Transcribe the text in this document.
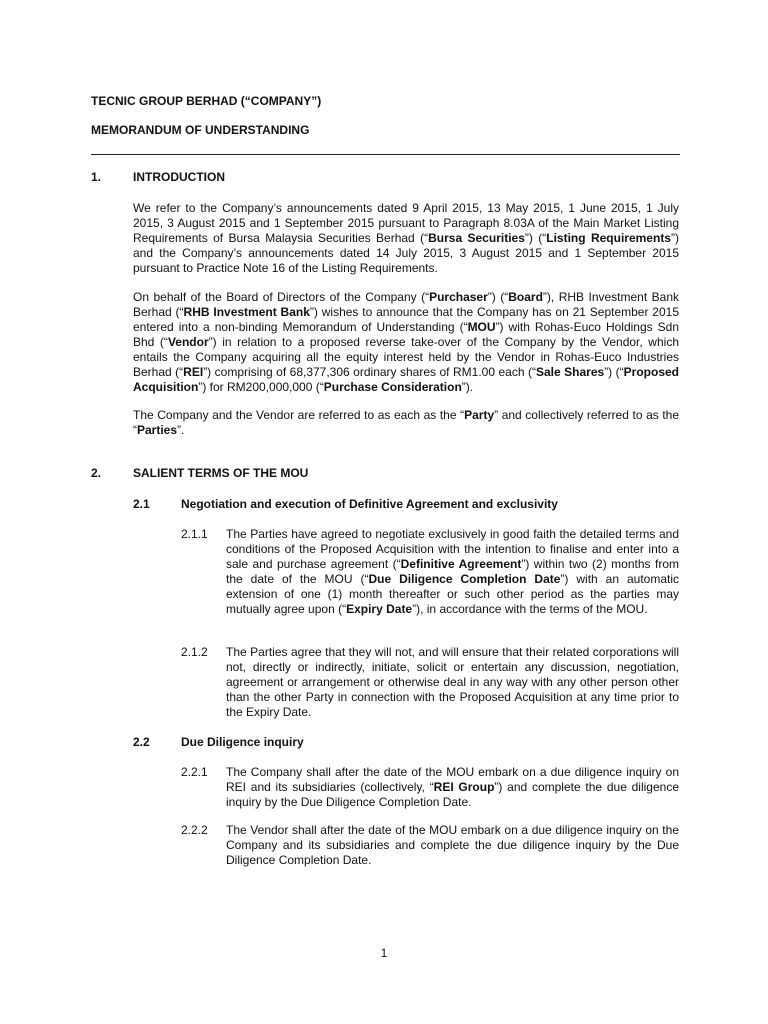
TECNIC GROUP BERHAD (“COMPANY”)
MEMORANDUM OF UNDERSTANDING
1.	INTRODUCTION
We refer to the Company’s announcements dated 9 April 2015, 13 May 2015, 1 June 2015, 1 July 2015, 3 August 2015 and 1 September 2015 pursuant to Paragraph 8.03A of the Main Market Listing Requirements of Bursa Malaysia Securities Berhad (“Bursa Securities”) (“Listing Requirements”) and the Company’s announcements dated 14 July 2015, 3 August 2015 and 1 September 2015 pursuant to Practice Note 16 of the Listing Requirements.
On behalf of the Board of Directors of the Company (“Purchaser”) (“Board”), RHB Investment Bank Berhad (“RHB Investment Bank”) wishes to announce that the Company has on 21 September 2015 entered into a non-binding Memorandum of Understanding (“MOU”) with Rohas-Euco Holdings Sdn Bhd (“Vendor”) in relation to a proposed reverse take-over of the Company by the Vendor, which entails the Company acquiring all the equity interest held by the Vendor in Rohas-Euco Industries Berhad (“REI”) comprising of 68,377,306 ordinary shares of RM1.00 each (“Sale Shares”) (“Proposed Acquisition”) for RM200,000,000 (“Purchase Consideration”).
The Company and the Vendor are referred to as each as the “Party” and collectively referred to as the “Parties”.
2.	SALIENT TERMS OF THE MOU
2.1	Negotiation and execution of Definitive Agreement and exclusivity
2.1.1 The Parties have agreed to negotiate exclusively in good faith the detailed terms and conditions of the Proposed Acquisition with the intention to finalise and enter into a sale and purchase agreement (“Definitive Agreement”) within two (2) months from the date of the MOU (“Due Diligence Completion Date”) with an automatic extension of one (1) month thereafter or such other period as the parties may mutually agree upon (“Expiry Date”), in accordance with the terms of the MOU.
2.1.2 The Parties agree that they will not, and will ensure that their related corporations will not, directly or indirectly, initiate, solicit or entertain any discussion, negotiation, agreement or arrangement or otherwise deal in any way with any other person other than the other Party in connection with the Proposed Acquisition at any time prior to the Expiry Date.
2.2	Due Diligence inquiry
2.2.1 The Company shall after the date of the MOU embark on a due diligence inquiry on REI and its subsidiaries (collectively, “REI Group”) and complete the due diligence inquiry by the Due Diligence Completion Date.
2.2.2 The Vendor shall after the date of the MOU embark on a due diligence inquiry on the Company and its subsidiaries and complete the due diligence inquiry by the Due Diligence Completion Date.
1
